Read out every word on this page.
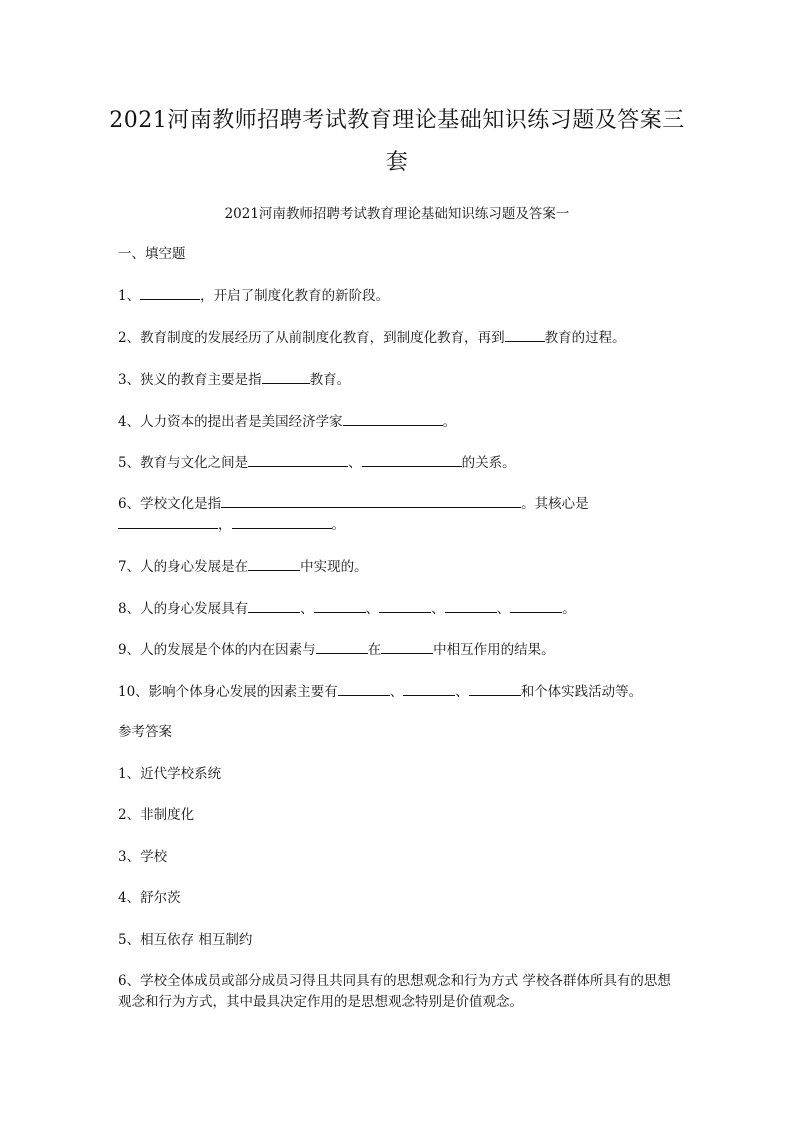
2021河南教师招聘考试教育理论基础知识练习题及答案三套

2021河南教师招聘考试教育理论基础知识练习题及答案一

一、填空题

1、	，开启了制度化教育的新阶段。

2、教育制度的发展经历了从前制度化教育，到制度化教育，再到	教育的过程。

3、狭义的教育主要是指	教育。

4、人力资本的提出者是美国经济学家	。

5、教育与文化之间是	、	的关系。

6、学校文化是指	。其核心是

，	。

7、人的身心发展是在	中实现的。

8、人的身心发展具有	、	、	、	、	。

9、人的发展是个体的内在因素与	在	中相互作用的结果。

10、影响个体身心发展的因素主要有	、	、	和个体实践活动等。

参考答案

1、近代学校系统

2、非制度化

3、学校

4、舒尔茨

5、相互依存 相互制约

6、学校全体成员或部分成员习得且共同具有的思想观念和行为方式 学校各群体所具有的思想观念和行为方式，其中最具决定作用的是思想观念特别是价值观念。
